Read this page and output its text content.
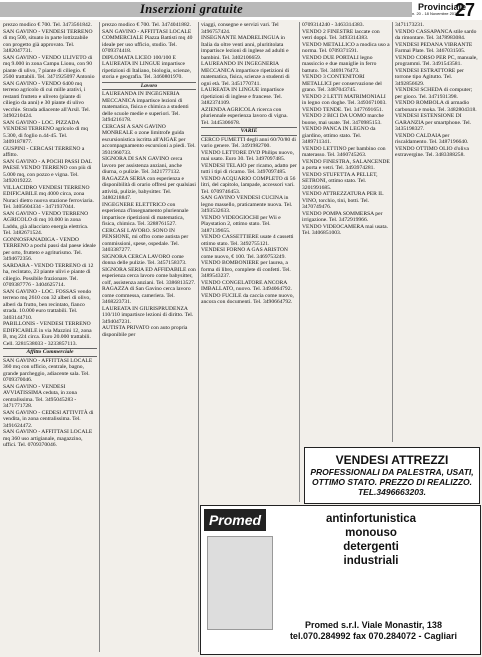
Inserzioni gratuite	Provinciale
n. 20 - 18 Novembre 2012
27

prezzo modico € 700. Tel. 3473561842.

SAN GAVINO - VENDESI TERRENO di mq 500, situato in parte lottizzabile con progetto già approvato. Tel. 3482047731.

SAN GAVINO - VENDO ULIVETO di mq 9.000 in zona Campu Lionu, con 90 piante di ulivo, 7 piante di ciliegio. € 2500 trattabili. Tel. 3471925097 Antonio

SAN GAVINO - VENDO 6400 mq terreno agricolo di cui mille arativi, i restanti frutteto e uliveto (piante di ciliegio da anni) e 30 piante di ulivo vecchie. Strada adiacente all'Arsil. Tel. 3490210424.

SAN GAVINO - LOC. PIZZADA VENDESI TERRENO agricolo di mq 5.300, di foglio n.44-45. Tel. 3409187877.

GUSPINI - CERCASI TERRENO a affitto.

SAN GAVINO - A POCHI PASSI DAL PAESE VENDO TERRENO con più di 5.000 mq, con pozzo e vigna. Tel. 3492019222.

VILLACIDRO VENDESI TERRENO EDIFICABILE mq 4000 circa, zona Nuraci dietro nuova stazione ferroviaria. Tel. 3405604334 - 3471937044.

SAN GAVINO - VENDO TERRENO AGRICOLO di mq 10.000 in zona Laddu, già allacciato energia elettrica. Tel. 3482671524.

GONNOSFANADIGA - VENDO TERRENO a pochi passi dal paese ideale per orto, frutteto e agriturismo. Tel. 3494672356.

SARDARA - VENDO TERRENO di 12 ha, recintato, 23 piante ulivi e piante di ciliegio. Possibile frazionare. Tel. 0709387776 - 3404625714.

SAN GAVINO - LOC. FOSSAS vendo terreno mq 2610 con 32 alberi di olivo, alberi da frutto, ben recintato, fianco strada. 10.000 euro trattabili. Tel. 3403144710.

PABILLONIS - VENDESI TERRENO EDIFICABILE in via Mazzini 12, zona B, mq 224 circa. Euro 20.000 trattabili. Cell. 3281538033 - 3233857113.

Affitto Commerciale

SAN GAVINO - AFFITTASI LOCALE 360 mq con ufficio, centrale, bagno, grande parcheggio, adiacente sala. Tel. 0709370046.

SAN GAVINO - VENDESI AVVIATISSIMA ceduta, in zona centralissima. Tel. 3495045283 - 3471771728.

SAN GAVINO - CEDESI ATTIVITÀ di vendita, in zona centralissima. Tel. 3491624472.

SAN GAVINO - AFFITTASI LOCALE mq 360 uso artigianale, magazzino, uffici. Tel. 0709370046.

prezzo modico € 700. Tel. 3474041882.

SAN GAVINO - AFFITTASI LOCALE COMMERCIALE Piazza Battisti mq 40 ideale per uso ufficio, studio. Tel. 0709374418.

DIPLOMATA LICEO 100/100 E LAUREATA IN LINGUE impartisce ripetizioni di Italiano, biologia, scienze, storia e geografia. Tel. 3460801970.

Lavoro

LAUREANDA IN INGEGNERIA MECCANICA impartisce lezioni di matematica, fisica e chimica a studenti delle scuole medie e superiori. Tel. 3494216178.

CERCASI A SAN GAVINO MONREALE o zone limitrofe guida escursionistica iscritta all'AIGAE per accompagnamento escursioni a piedi. Tel. 3931960733.

SIGNORA DI SAN GAVINO cerca lavoro per assistenza anziani, anche diurna, o pulizie. Tel. 3421777132.

RAGAZZA SERIA con esperienza e disponibilità di orario offresi per qualsiasi attività, pulizie, babysitter. Tel. 3480218847.

INGEGNERE ELETTRICO con esperienza d'insegnamento pluriennale impartisce ripetizioni di matematica, fisica, chimica. Tel. 3288761527.

CERCASI LAVORO. SONO IN PENSIONE, mi offro come autista per commissioni, spese, ospedale. Tel. 3403387277.

SIGNORA CERCA LAVORO come donna delle pulizie. Tel. 3457158373.

SIGNORA SERIA ED AFFIDABILE con esperienza cerca lavoro come babysitter, colf, assistenza anziani. Tel. 3386813527.

RAGAZZA di San Gavino cerca lavoro come commessa, cameriera. Tel. 3468223731.

LAUREATA IN GIURISPRUDENZA 110/110 impartisce lezioni di diritto. Tel. 3494047231.

AUTISTA PRIVATO con auto propria disponibile per

viaggi, consegne e servizi vari. Tel 3496757424.

INSEGNANTE MADRELINGUA in Italia da oltre venti anni, plurititolata impartisce lezioni di inglese ad adulti e bambini. Tel. 3402106659.

LAUREANDO IN INGEGNERIA MECCANICA impartisce ripetizioni di matematica, fisica, scienze a studenti di ogni età. Tel. 3451770741.

LAUREATA IN LINGUE impartisce ripetizioni di inglese e francese. Tel. 3482374109.

AZIENDA AGRICOLA ricerca con pluriennale esperienza lavoro di vigna. Tel. 3445306678.

VARIE

CERCO FUMETTI degli anni 60/70/80 di vario genere. Tel. 3491982700.

VENDO LETTORE DVD Philips nuovo, mai usato. Euro 30. Tel. 3497097485.

VENDESI TELAIO per ricamo, adatto per tutti i tipi di ricamo. Tel. 3497097485.

VENDO ACQUARIO COMPLETO di 56 litri, del capitolo, lampade, accessori vari. Tel. 0709746453.

SAN GAVINO VENDESI CUCINA in legno massello, praticamente nuova. Tel. 3493532633.

VENDO VIDEOGIOCHI per Wii e Playstation 2, ottimo stato. Tel. 3487139655.

VENDO CASSETTIERE usate 4 cassetti ottimo stato. Tel. 3492755121.

VENDESI FORNO A GAS ARISTON come nuovo, € 100. Tel. 3469753249.

VENDO BOMBONIERE per laurea, a forma di libro, complete di confetti. Tel. 3489543237.

VENDO CONGELATORE ANCORA IMBALLATO, nuovo. Tel. 3494064792.

VENDO FUCILE da caccia come nuovo, ancora con documenti. Tel. 3490664792.

0709314240 - 3463314383.

VENDO 2 FINESTRE laccate con vetri doppi. Tel. 3493314383.

VENDO METALLICO a modica uso a norma. Tel. 0709371591.

VENDO DUE PORTALI legno massiccio e due maniglie in ferro battuto. Tel. 3469176473.

VENDO 3 CONTENITORI METALLICI per conservazione del grano. Tel. 3487043745.

VENDO 2 LETTI MATRIMONIALI in legno con doghe. Tel. 3493671003.

VENDO TENDE. Tel. 3477691651.

VENDO 2 BICI DA UOMO marche buone, mai usate. Tel. 3470985153.

VENDO PANCA IN LEGNO da giardino, ottimo stato. Tel. 3489711341.

VENDO LETTINO per bambino con materasso. Tel. 3460745263.

VENDO FINESTRA, SALANCENDE a porta e vetri. Tel. 3493974281.

VENDO STUFETTA A PELLET, SETRONI, ottimo stato. Tel. 3201991685.

VENDO ATTREZZATURA PER IL VINO, torchio, tini, botti. Tel. 3470749476.

VENDO POMPA SOMMERSA per irrigazione. Tel. 3472919966.

VENDO VIDEOCAMERA mai usata. Tel. 3406851003.

3471173231.

VENDO CASSAPANCA stile sardo da rimontare. Tel. 3478983084.

VENDESI PEDANA VIBRANTE Farmai Plate. Tel. 3467031505.

VENDO CORSO PER PC, manuale, programmi. Tel. 3491543581.

VENDESI ESTRATTORE per torrone tipo Agitutto. Tel. 3492856629.

VENDESI SCHEDA di computer; per gioco. Tel. 3471931398.

VENDO ROMBOLA di armadio carbonara e moka. Tel. 3482804318.

VENDESI ESTENSIONE DI GARANZIA per smartphone. Tel. 3435198327.

VENDO CALDAIA per riscaldamento. Tel. 3487196640.

VENDO OTTIMO OLIO d'oliva extravergine. Tel. 3483388258.

VENDESI ATTREZZI
PROFESSIONALI DA PALESTRA, USATI,
OTTIMO STATO. PREZZO DI REALIZZO.
TEL.3496663203.
Promed	antinfortunistica
monouso
detergenti
industriali
Promed s.r.l. Viale Monastir, 138
tel.070.284992 fax 070.284072 - Cagliari
